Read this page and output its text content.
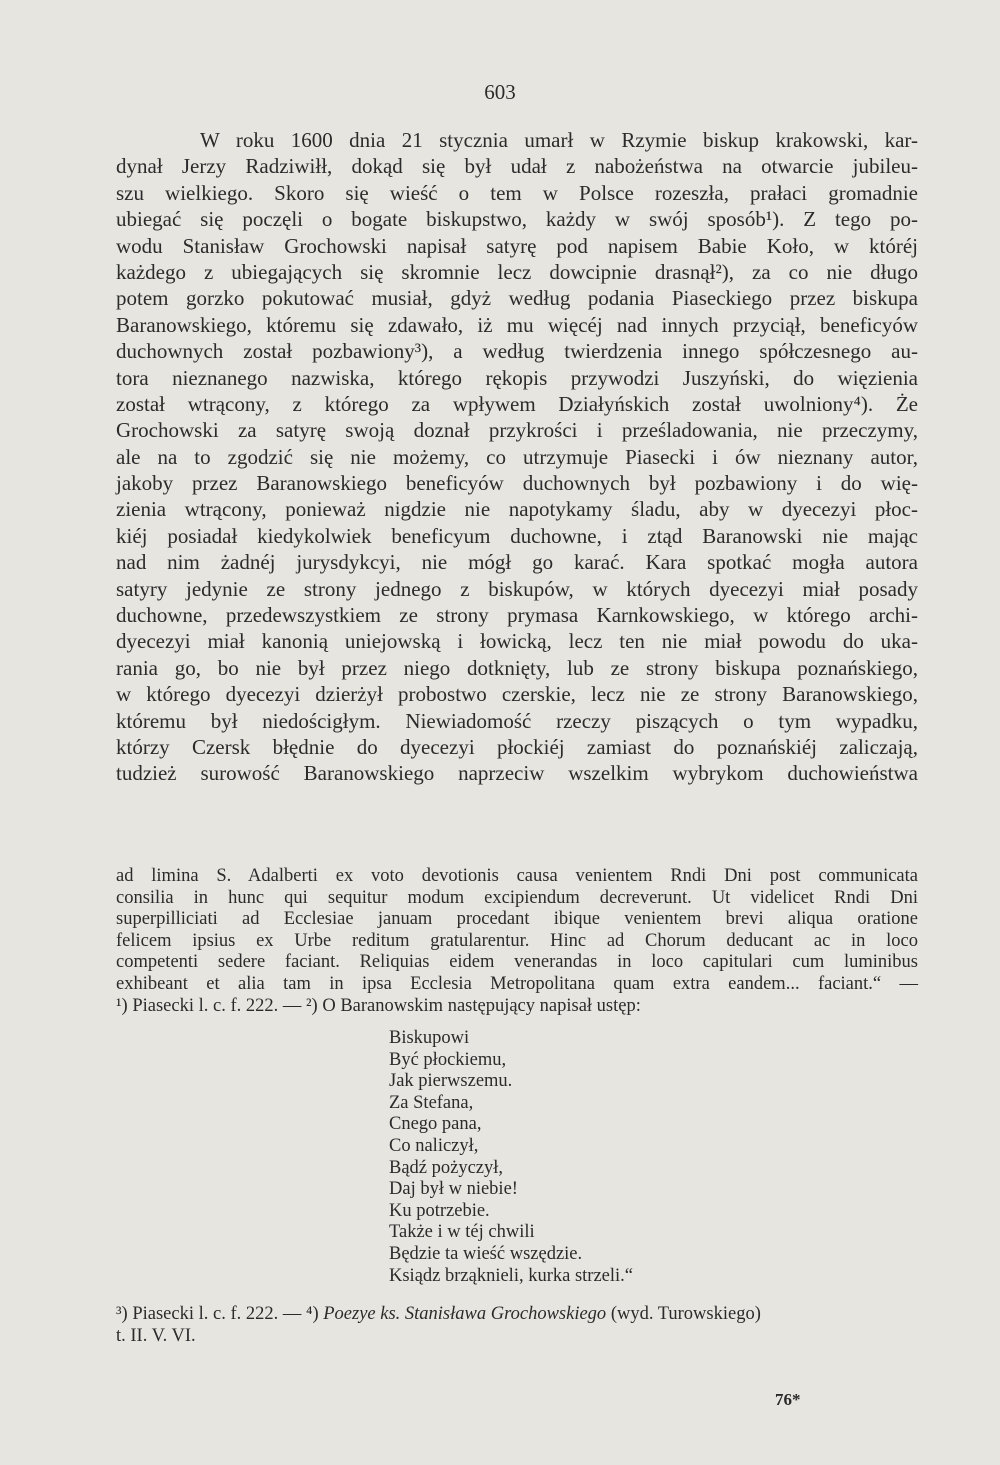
603
W roku 1600 dnia 21 stycznia umarł w Rzymie biskup krakowski, kar-
dynał Jerzy Radziwiłł, dokąd się był udał z nabożeństwa na otwarcie jubileu-
szu wielkiego. Skoro się wieść o tem w Polsce rozeszła, prałaci gromadnie
ubiegać się poczęli o bogate biskupstwo, każdy w swój sposób¹). Z tego po-
wodu Stanisław Grochowski napisał satyrę pod napisem Babie Koło, w któréj
każdego z ubiegających się skromnie lecz dowcipnie drasnął²), za co nie długo
potem gorzko pokutować musiał, gdyż według podania Piaseckiego przez biskupa
Baranowskiego, któremu się zdawało, iż mu więcéj nad innych przyciął, beneficyów
duchownych został pozbawiony³), a według twierdzenia innego spółczesnego au-
tora nieznanego nazwiska, którego rękopis przywodzi Juszyński, do więzienia
został wtrącony, z którego za wpływem Działyńskich został uwolniony⁴). Że
Grochowski za satyrę swoją doznał przykrości i prześladowania, nie przeczymy,
ale na to zgodzić się nie możemy, co utrzymuje Piasecki i ów nieznany autor,
jakoby przez Baranowskiego beneficyów duchownych był pozbawiony i do wię-
zienia wtrącony, ponieważ nigdzie nie napotykamy śladu, aby w dyecezyi płoc-
kiéj posiadał kiedykolwiek beneficyum duchowne, i ztąd Baranowski nie mając
nad nim żadnéj jurysdykcyi, nie mógł go karać. Kara spotkać mogła autora
satyry jedynie ze strony jednego z biskupów, w których dyecezyi miał posady
duchowne, przedewszystkiem ze strony prymasa Karnkowskiego, w którego archi-
dyecezyi miał kanonią uniejowską i łowicką, lecz ten nie miał powodu do uka-
rania go, bo nie był przez niego dotknięty, lub ze strony biskupa poznańskiego,
w którego dyecezyi dzierżył probostwo czerskie, lecz nie ze strony Baranowskiego,
któremu był niedościgłym. Niewiadomość rzeczy piszących o tym wypadku,
którzy Czersk błędnie do dyecezyi płockiéj zamiast do poznańskiéj zaliczają,
tudzież surowość Baranowskiego naprzeciw wszelkim wybrykom duchowieństwa
ad limina S. Adalberti ex voto devotionis causa venientem Rndi Dni post communicata
consilia in hunc qui sequitur modum excipiendum decreverunt. Ut videlicet Rndi Dni
superpilliciati ad Ecclesiae januam procedant ibique venientem brevi aliqua oratione
felicem ipsius ex Urbe reditum gratularentur. Hinc ad Chorum deducant ac in loco
competenti sedere faciant. Reliquias eidem venerandas in loco capitulari cum luminibus
exhibeant et alia tam in ipsa Ecclesia Metropolitana quam extra eandem... faciant.“ —
¹) Piasecki l. c. f. 222. — ²) O Baranowskim następujący napisał ustęp:
Biskupowi
Być płockiemu,
Jak pierwszemu.
Za Stefana,
Cnego pana,
Co naliczył,
Bądź pożyczył,
Daj był w niebie!
Ku potrzebie.
Także i w téj chwili
Będzie ta wieść wszędzie.
Ksiądz brząknieli, kurka strzeli.“
³) Piasecki l. c. f. 222. — ⁴) Poezye ks. Stanisława Grochowskiego (wyd. Turowskiego)
t. II. V. VI.
76*
